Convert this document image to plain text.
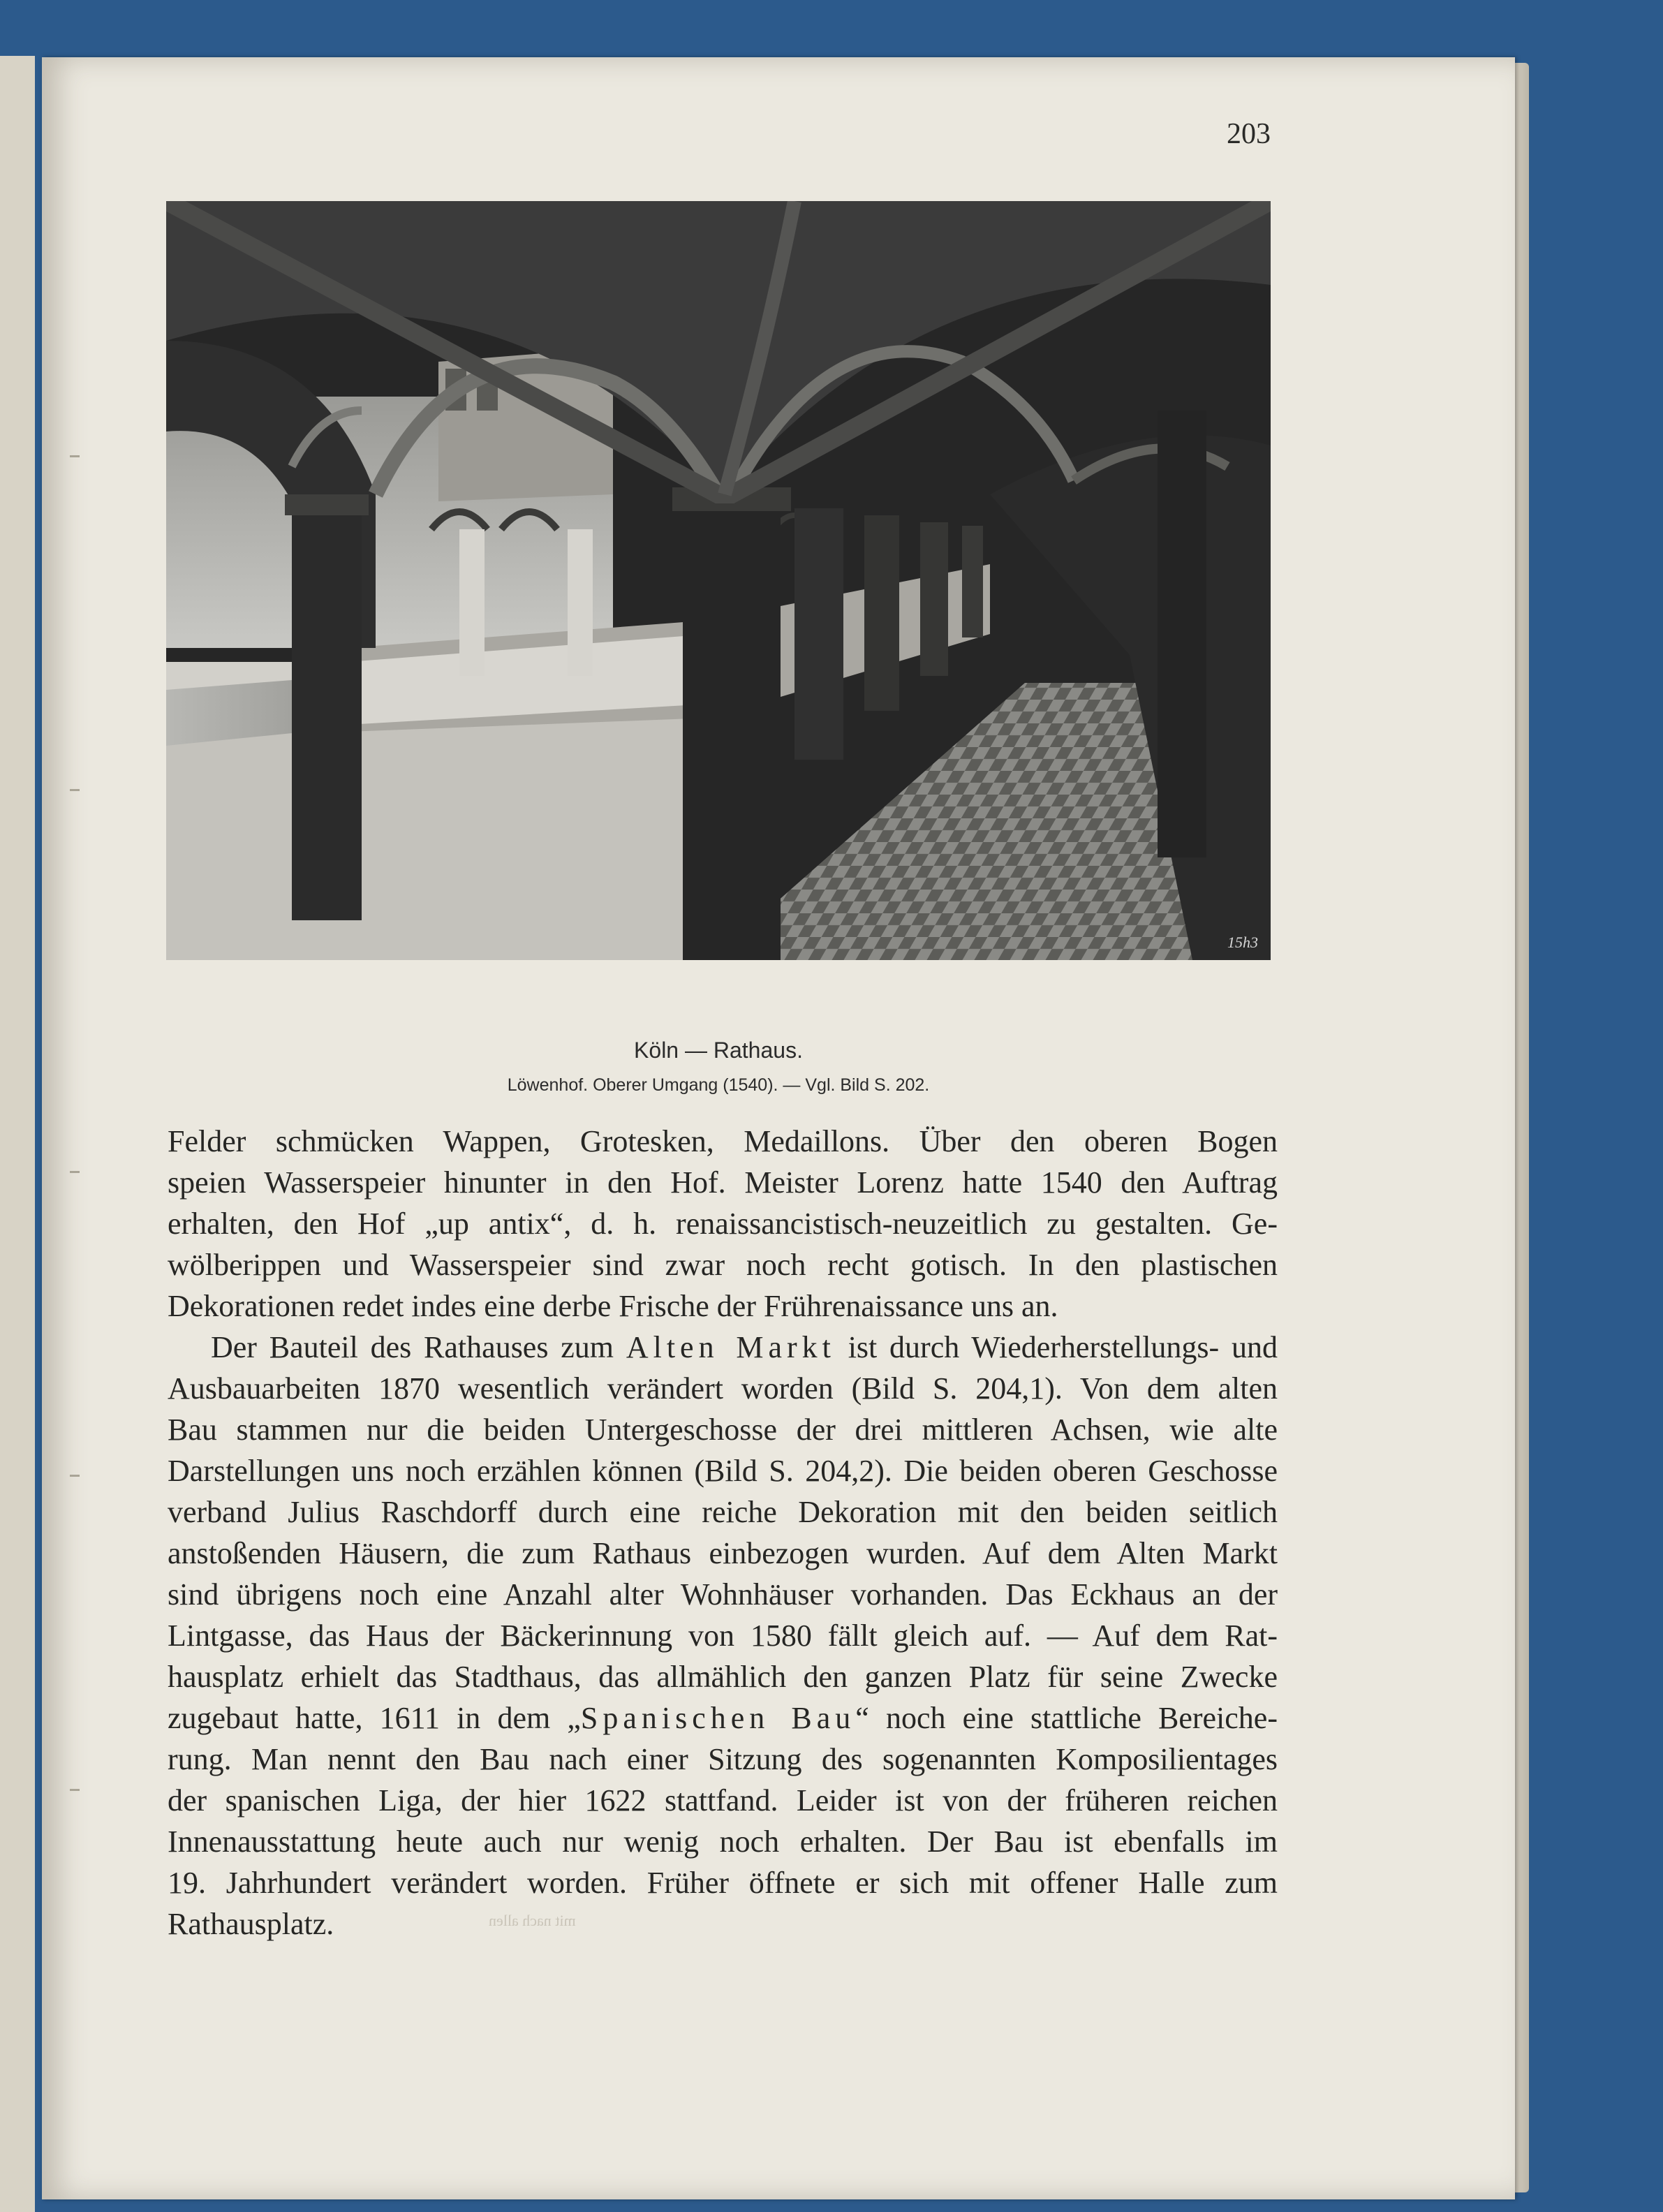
203
15h3
Köln — Rathaus.
Löwenhof. Oberer Umgang (1540). — Vgl. Bild S. 202.
Felder schmücken Wappen, Grotesken, Medaillons. Über den oberen Bogen
speien Wasserspeier hinunter in den Hof. Meister Lorenz hatte 1540 den Auftrag
erhalten, den Hof „up antix“, d. h. renaissancistisch-neuzeitlich zu gestalten. Ge-
wölberippen und Wasserspeier sind zwar noch recht gotisch. In den plastischen
Dekorationen redet indes eine derbe Frische der Frührenaissance uns an.
Der Bauteil des Rathauses zum Alten Markt ist durch Wiederherstellungs- und
Ausbauarbeiten 1870 wesentlich verändert worden (Bild S. 204,1). Von dem alten
Bau stammen nur die beiden Untergeschosse der drei mittleren Achsen, wie alte
Darstellungen uns noch erzählen können (Bild S. 204,2). Die beiden oberen Geschosse
verband Julius Raschdorff durch eine reiche Dekoration mit den beiden seitlich
anstoßenden Häusern, die zum Rathaus einbezogen wurden. Auf dem Alten Markt
sind übrigens noch eine Anzahl alter Wohnhäuser vorhanden. Das Eckhaus an der
Lintgasse, das Haus der Bäckerinnung von 1580 fällt gleich auf. — Auf dem Rat-
hausplatz erhielt das Stadthaus, das allmählich den ganzen Platz für seine Zwecke
zugebaut hatte, 1611 in dem „Spanischen Bau“ noch eine stattliche Bereiche-
rung. Man nennt den Bau nach einer Sitzung des sogenannten Komposilientages
der spanischen Liga, der hier 1622 stattfand. Leider ist von der früheren reichen
Innenausstattung heute auch nur wenig noch erhalten. Der Bau ist ebenfalls im
19. Jahrhundert verändert worden. Früher öffnete er sich mit offener Halle zum
Rathausplatz.	mit nach allen
